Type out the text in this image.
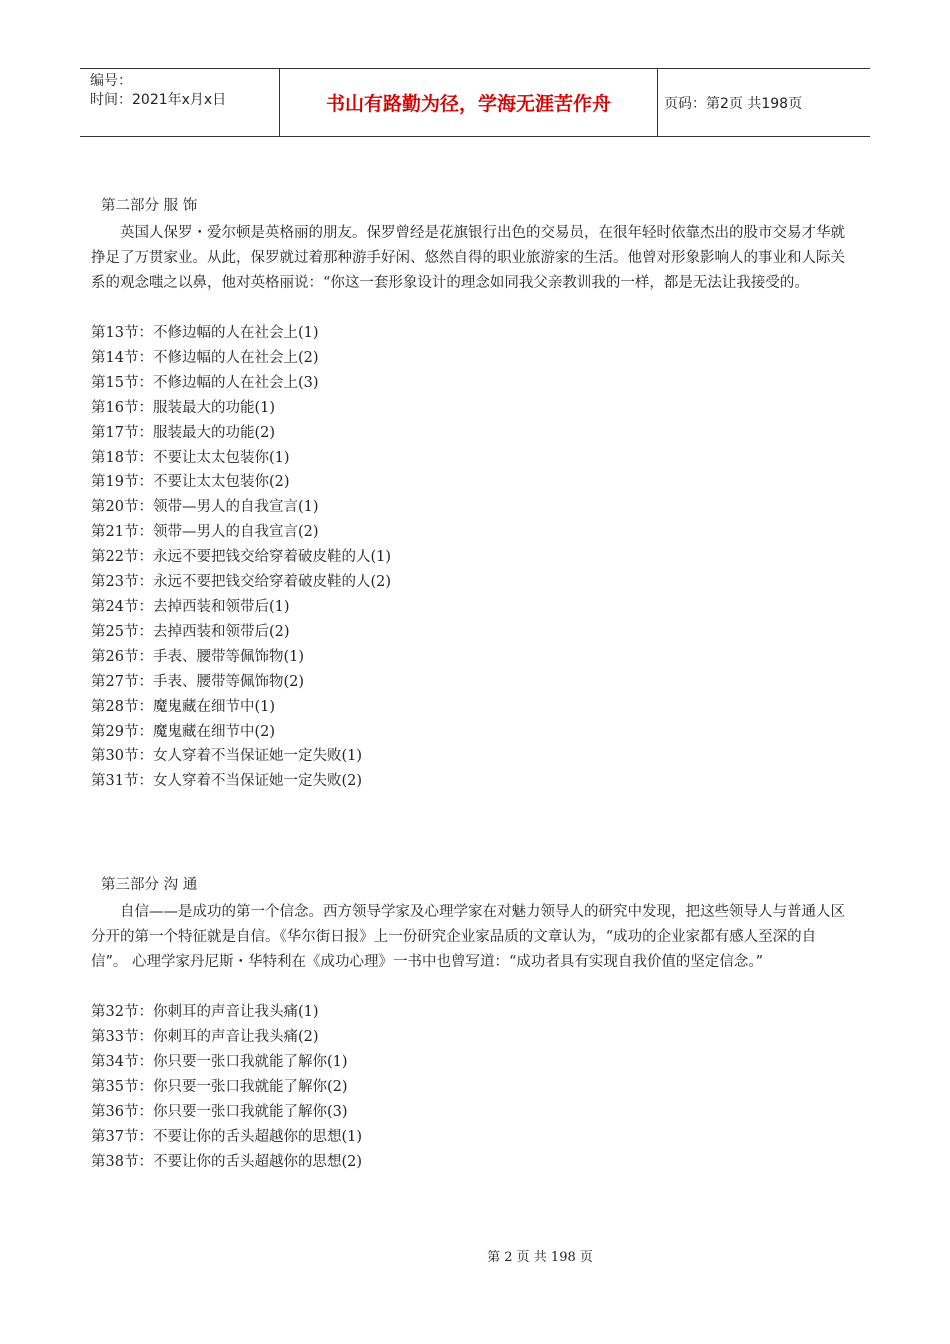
编号：
时间：2021年x月x日	书山有路勤为径，学海无涯苦作舟	页码：第2页 共198页
第二部分 服 饰

英国人保罗・爱尔顿是英格丽的朋友。保罗曾经是花旗银行出色的交易员，在很年轻时依靠杰出的股市交易才华就挣足了万贯家业。从此，保罗就过着那种游手好闲、悠然自得的职业旅游家的生活。他曾对形象影响人的事业和人际关系的观念嗤之以鼻，他对英格丽说：“你这一套形象设计的理念如同我父亲教训我的一样，都是无法让我接受的。

第13节：不修边幅的人在社会上(1)
第14节：不修边幅的人在社会上(2)
第15节：不修边幅的人在社会上(3)
第16节：服装最大的功能(1)
第17节：服装最大的功能(2)
第18节：不要让太太包装你(1)
第19节：不要让太太包装你(2)
第20节：领带—男人的自我宣言(1)
第21节：领带—男人的自我宣言(2)
第22节：永远不要把钱交给穿着破皮鞋的人(1)
第23节：永远不要把钱交给穿着破皮鞋的人(2)
第24节：去掉西装和领带后(1)
第25节：去掉西装和领带后(2)
第26节：手表、腰带等佩饰物(1)
第27节：手表、腰带等佩饰物(2)
第28节：魔鬼藏在细节中(1)
第29节：魔鬼藏在细节中(2)
第30节：女人穿着不当保证她一定失败(1)
第31节：女人穿着不当保证她一定失败(2)
第三部分 沟 通

自信——是成功的第一个信念。西方领导学家及心理学家在对魅力领导人的研究中发现，把这些领导人与普通人区分开的第一个特征就是自信。《华尔街日报》上一份研究企业家品质的文章认为，“成功的企业家都有感人至深的自信”。 心理学家丹尼斯・华特利在《成功心理》一书中也曾写道：“成功者具有实现自我价值的坚定信念。”

第32节：你刺耳的声音让我头痛(1)
第33节：你刺耳的声音让我头痛(2)
第34节：你只要一张口我就能了解你(1)
第35节：你只要一张口我就能了解你(2)
第36节：你只要一张口我就能了解你(3)
第37节：不要让你的舌头超越你的思想(1)
第38节：不要让你的舌头超越你的思想(2)
第 2 页 共 198 页
